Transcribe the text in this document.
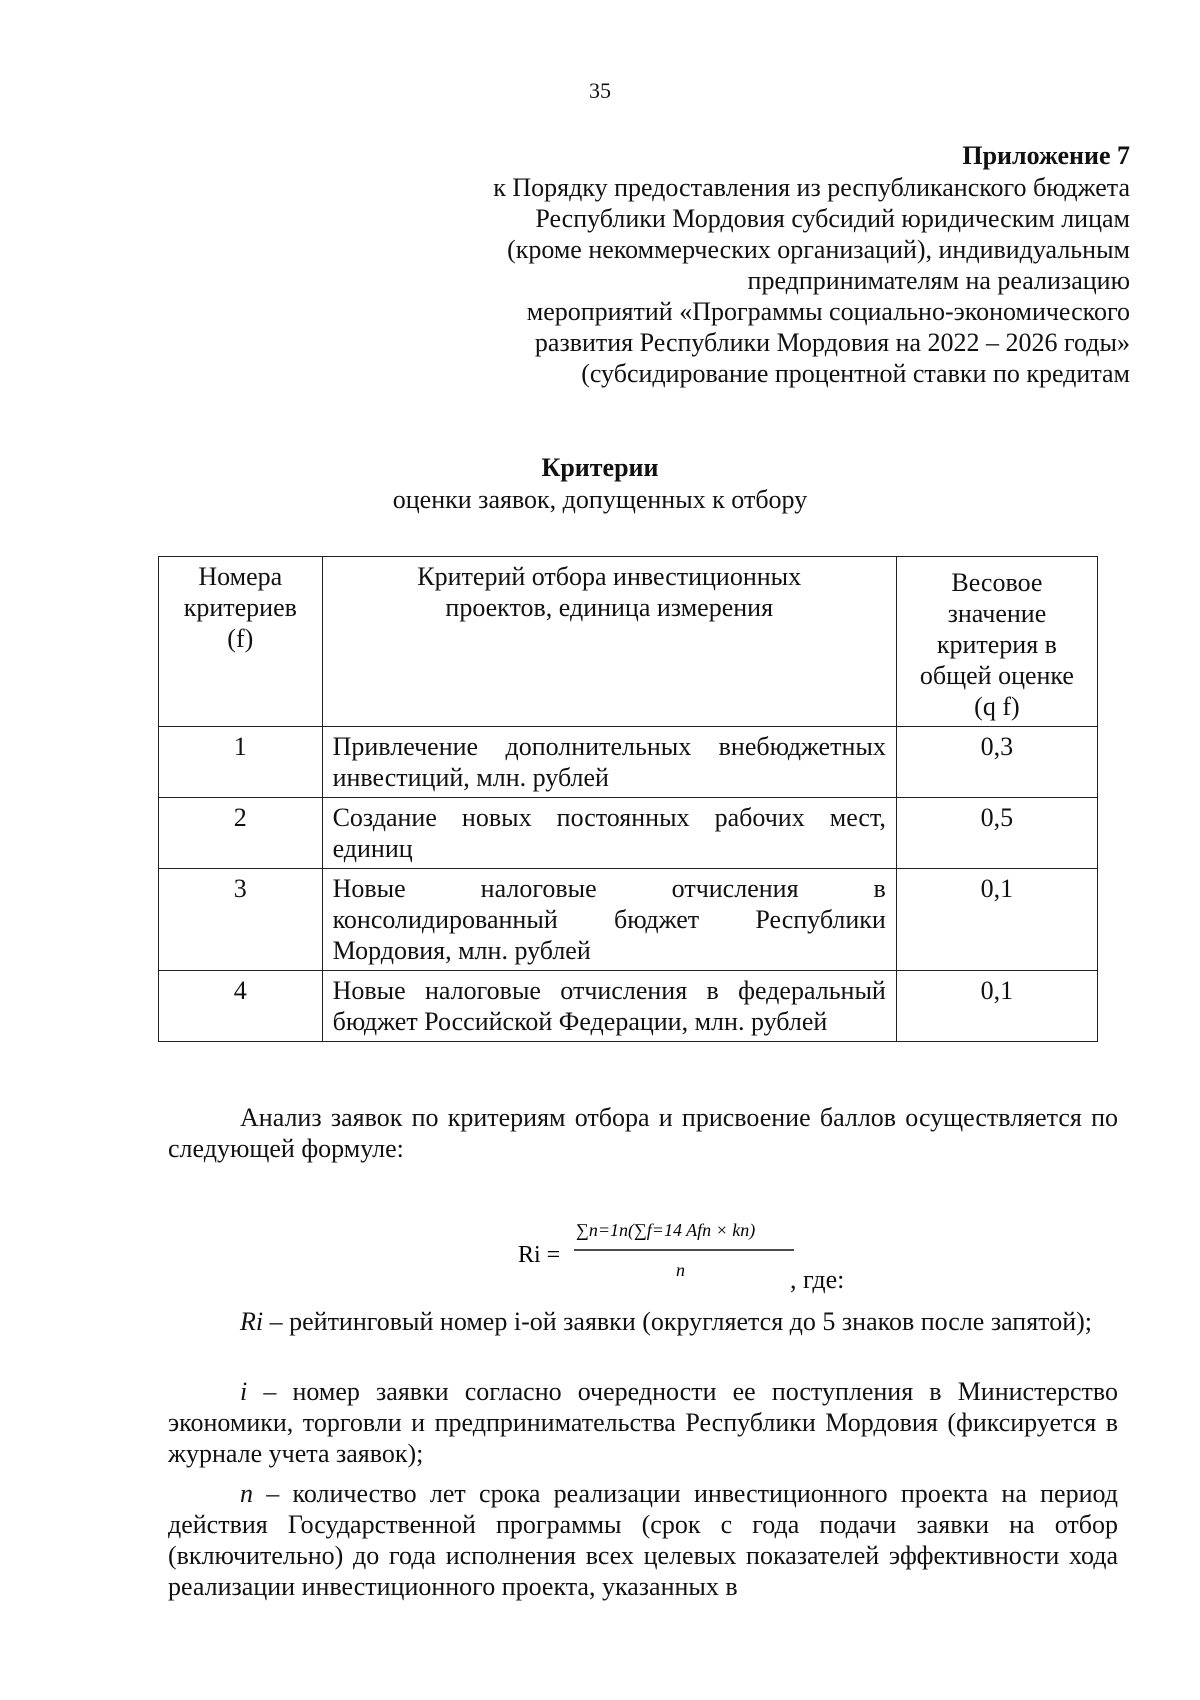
35
Приложение 7
к Порядку предоставления из республиканского бюджета
Республики Мордовия субсидий юридическим лицам
(кроме некоммерческих организаций), индивидуальным
предпринимателям на реализацию
мероприятий «Программы социально-экономического
развития Республики Мордовия на 2022 – 2026 годы»
(субсидирование процентной ставки по кредитам
Критерии
оценки заявок, допущенных к отбору
Номера критериев (f)	Критерий отбора инвестиционных проектов, единица измерения	Весовое значение критерия в общей оценке (q f)
1	Привлечение дополнительных внебюджетных инвестиций, млн. рублей	0,3
2	Создание новых постоянных рабочих мест, единиц	0,5
3	Новые налоговые отчисления в консолидированный бюджет Республики Мордовия, млн. рублей	0,1
4	Новые налоговые отчисления в федеральный бюджет Российской Федерации, млн. рублей	0,1
Анализ заявок по критериям отбора и присвоение баллов осуществляется по следующей формуле:
Ri =
∑n=1n(∑f=14 Afn × kn)
n	, где:
Ri – рейтинговый номер i-ой заявки (округляется до 5 знаков после запятой);
i – номер заявки согласно очередности ее поступления в Министерство экономики, торговли и предпринимательства Республики Мордовия (фиксируется в журнале учета заявок);
n – количество лет срока реализации инвестиционного проекта на период действия Государственной программы (срок с года подачи заявки на отбор (включительно) до года исполнения всех целевых показателей эффективности хода реализации инвестиционного проекта, указанных в
